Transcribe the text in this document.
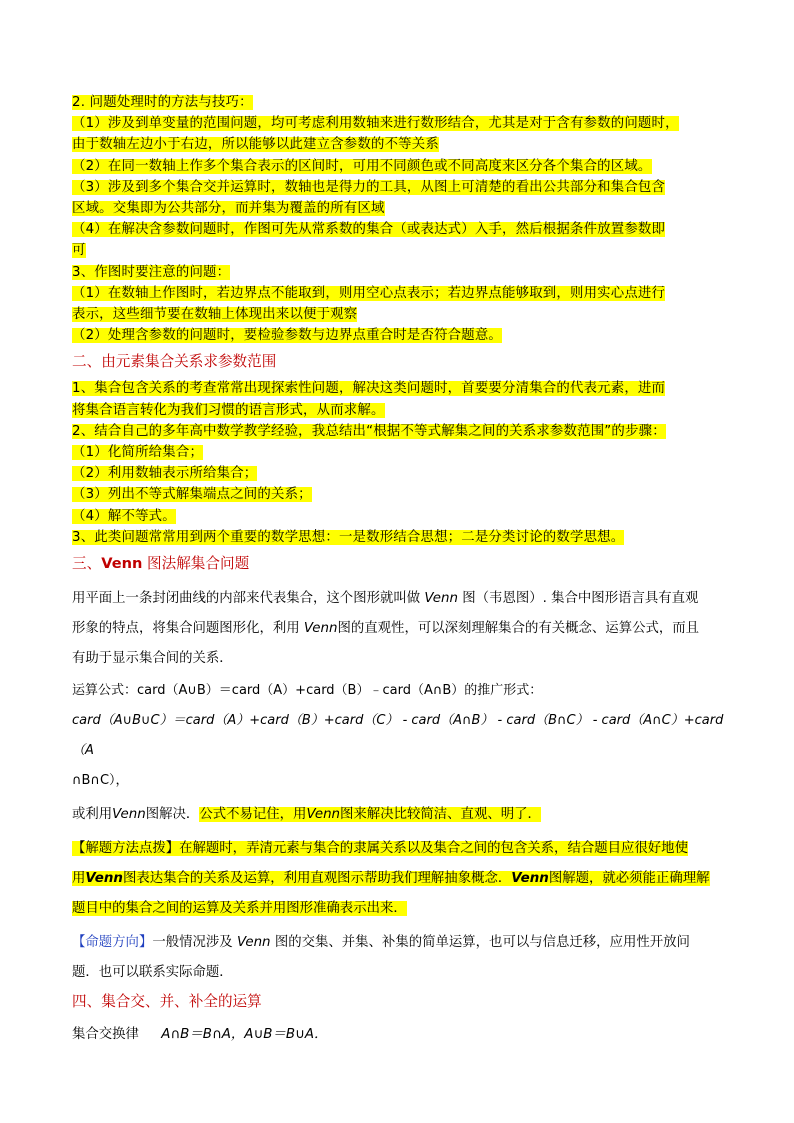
2. 问题处理时的方法与技巧：
（1）涉及到单变量的范围问题，均可考虑利用数轴来进行数形结合，尤其是对于含有参数的问题时，
由于数轴左边小于右边，所以能够以此建立含参数的不等关系
（2）在同一数轴上作多个集合表示的区间时，可用不同颜色或不同高度来区分各个集合的区域。
（3）涉及到多个集合交并运算时，数轴也是得力的工具，从图上可清楚的看出公共部分和集合包含
区域。交集即为公共部分，而并集为覆盖的所有区域
（4）在解决含参数问题时，作图可先从常系数的集合（或表达式）入手，然后根据条件放置参数即
可
3、作图时要注意的问题：
（1）在数轴上作图时，若边界点不能取到，则用空心点表示；若边界点能够取到，则用实心点进行
表示，这些细节要在数轴上体现出来以便于观察
（2）处理含参数的问题时，要检验参数与边界点重合时是否符合题意。
二、由元素集合关系求参数范围
1、集合包含关系的考查常常出现探索性问题，解决这类问题时，首要要分清集合的代表元素，进而
将集合语言转化为我们习惯的语言形式，从而求解。
2、结合自己的多年高中数学教学经验，我总结出“根据不等式解集之间的关系求参数范围”的步骤：
（1）化简所给集合；
（2）利用数轴表示所给集合；
（3）列出不等式解集端点之间的关系；
（4）解不等式。
3、此类问题常常用到两个重要的数学思想：一是数形结合思想；二是分类讨论的数学思想。
三、Venn 图法解集合问题
用平面上一条封闭曲线的内部来代表集合，这个图形就叫做 Venn 图（韦恩图）. 集合中图形语言具有直观
形象的特点，将集合问题图形化，利用 Venn图的直观性，可以深刻理解集合的有关概念、运算公式，而且
有助于显示集合间的关系．
运算公式：card（A∪B）＝card（A）+card（B）﹣card（A∩B）的推广形式：
card（A∪B∪C）＝card（A）+card（B）+card（C） - card（A∩B） - card（B∩C） - card（A∩C）+card（A
∩B∩C），
或利用Venn图解决．公式不易记住，用Venn图来解决比较简洁、直观、明了．
【解题方法点拨】在解题时，弄清元素与集合的隶属关系以及集合之间的包含关系，结合题目应很好地使
用Venn图表达集合的关系及运算，利用直观图示帮助我们理解抽象概念．Venn图解题，就必须能正确理解
题目中的集合之间的运算及关系并用图形准确表示出来．
【命题方向】一般情况涉及 Venn 图的交集、并集、补集的简单运算，也可以与信息迁移，应用性开放问
题．也可以联系实际命题．
四、集合交、并、补全的运算
集合交换律 A∩B＝B∩A，A∪B＝B∪A．
